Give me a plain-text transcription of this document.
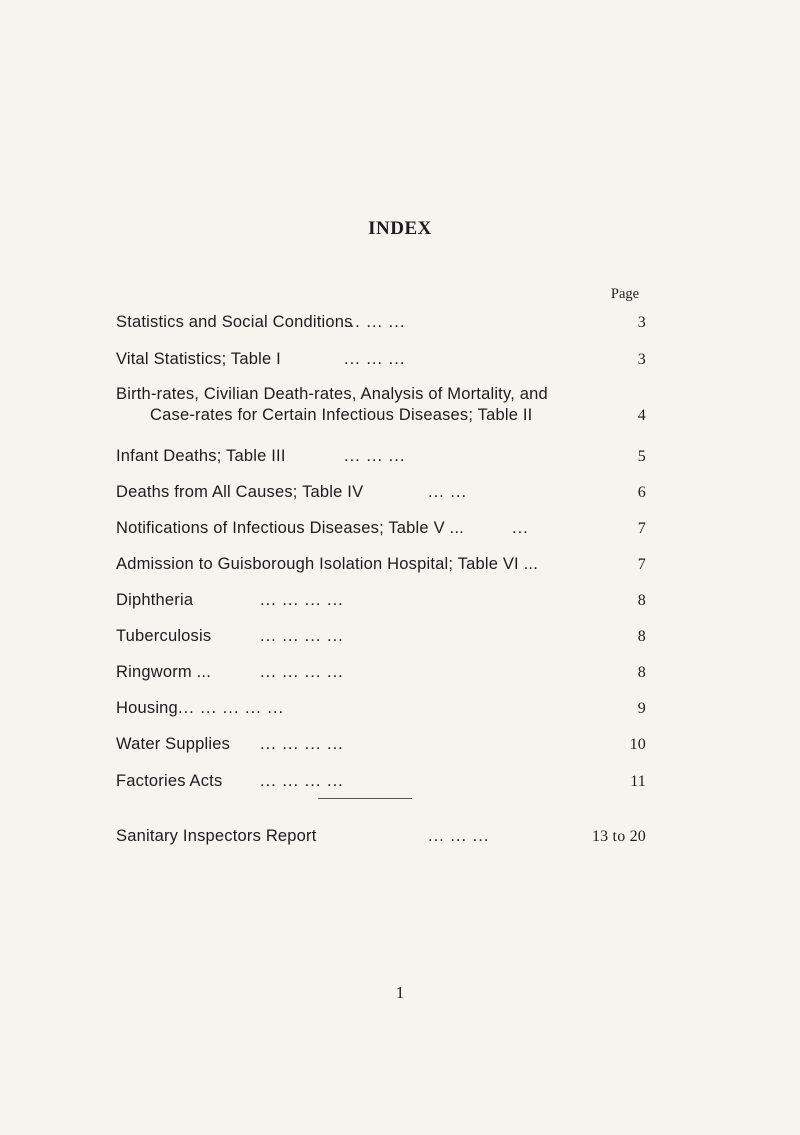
INDEX
Page
Statistics and Social Conditions
... ... ...	3
Vital Statistics; Table I	... ... ...	3
Birth-rates, Civilian Death-rates, Analysis of Mortality, and
Case-rates for Certain Infectious Diseases; Table II	4
Infant Deaths; Table III	... ... ...	5
Deaths from All Causes; Table IV	... ...	6
Notifications of Infectious Diseases; Table V ...	...	7
Admission to Guisborough Isolation Hospital; Table VI ...	7
Diphtheria	... ... ... ...	8
Tuberculosis	... ... ... ...	8
Ringworm ...	... ... ... ...	8
Housing ... ... ... ... ...	9
Water Supplies	... ... ... ...	10
Factories Acts	... ... ... ...	11
Sanitary Inspectors Report	... ... ...	13 to 20
1
